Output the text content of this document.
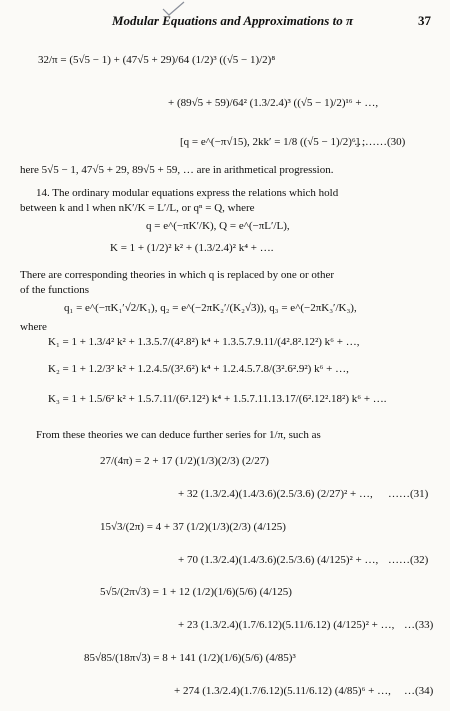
Modular Equations and Approximations to π	37
32/π = (5√5 − 1) + (47√5 + 29)/64 (1/2)³ ((√5 − 1)/2)⁸
+ (89√5 + 59)/64² (1.3/2.4)³ ((√5 − 1)/2)¹⁶ + …,
[q = e^(−π√15), 2kk′ = 1/8 ((√5 − 1)/2)⁶] ;
………(30)
here 5√5 − 1, 47√5 + 29, 89√5 + 59, … are in arithmetical progression.
14. The ordinary modular equations express the relations which hold
between k and l when nK′/K = L′/L, or qⁿ = Q, where
q = e^(−πK′/K), Q = e^(−πL′/L),
K = 1 + (1/2)² k² + (1.3/2.4)² k⁴ + ….
There are corresponding theories in which q is replaced by one or other
of the functions
q₁ = e^(−πK₁′√2/K₁), q₂ = e^(−2πK₂′/(K₂√3)), q₃ = e^(−2πK₃′/K₃),
where
K₁ = 1 + 1.3/4² k² + 1.3.5.7/(4².8²) k⁴ + 1.3.5.7.9.11/(4².8².12²) k⁶ + …,
K₂ = 1 + 1.2/3² k² + 1.2.4.5/(3².6²) k⁴ + 1.2.4.5.7.8/(3².6².9²) k⁶ + …,
K₃ = 1 + 1.5/6² k² + 1.5.7.11/(6².12²) k⁴ + 1.5.7.11.13.17/(6².12².18²) k⁶ + ….
From these theories we can deduce further series for 1/π, such as
27/(4π) = 2 + 17 (1/2)(1/3)(2/3) (2/27)
+ 32 (1.3/2.4)(1.4/3.6)(2.5/3.6) (2/27)² + …, ……(31)
15√3/(2π) = 4 + 37 (1/2)(1/3)(2/3) (4/125)
+ 70 (1.3/2.4)(1.4/3.6)(2.5/3.6) (4/125)² + …, ……(32)
5√5/(2π√3) = 1 + 12 (1/2)(1/6)(5/6) (4/125)
+ 23 (1.3/2.4)(1.7/6.12)(5.11/6.12) (4/125)² + …, …(33)
85√85/(18π√3) = 8 + 141 (1/2)(1/6)(5/6) (4/85)³
+ 274 (1.3/2.4)(1.7/6.12)(5.11/6.12) (4/85)⁶ + …, …(34)
